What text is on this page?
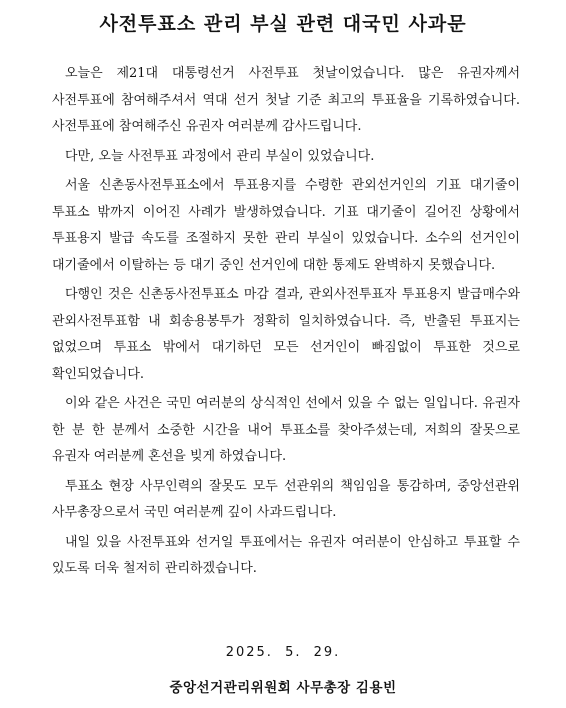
사전투표소 관리 부실 관련 대국민 사과문

오늘은 제21대 대통령선거 사전투표 첫날이었습니다. 많은 유권자께서 사전투표에 참여해주셔서 역대 선거 첫날 기준 최고의 투표율을 기록하였습니다. 사전투표에 참여해주신 유권자 여러분께 감사드립니다.

다만, 오늘 사전투표 과정에서 관리 부실이 있었습니다.

서울 신촌동사전투표소에서 투표용지를 수령한 관외선거인의 기표 대기줄이 투표소 밖까지 이어진 사례가 발생하였습니다. 기표 대기줄이 길어진 상황에서 투표용지 발급 속도를 조절하지 못한 관리 부실이 있었습니다. 소수의 선거인이 대기줄에서 이탈하는 등 대기 중인 선거인에 대한 통제도 완벽하지 못했습니다.

다행인 것은 신촌동사전투표소 마감 결과, 관외사전투표자 투표용지 발급매수와 관외사전투표함 내 회송용봉투가 정확히 일치하였습니다. 즉, 반출된 투표지는 없었으며 투표소 밖에서 대기하던 모든 선거인이 빠짐없이 투표한 것으로 확인되었습니다.

이와 같은 사건은 국민 여러분의 상식적인 선에서 있을 수 없는 일입니다. 유권자 한 분 한 분께서 소중한 시간을 내어 투표소를 찾아주셨는데, 저희의 잘못으로 유권자 여러분께 혼선을 빚게 하였습니다.

투표소 현장 사무인력의 잘못도 모두 선관위의 책임임을 통감하며, 중앙선관위 사무총장으로서 국민 여러분께 깊이 사과드립니다.

내일 있을 사전투표와 선거일 투표에서는 유권자 여러분이 안심하고 투표할 수 있도록 더욱 철저히 관리하겠습니다.

2025. 5. 29.
중앙선거관리위원회 사무총장 김용빈
